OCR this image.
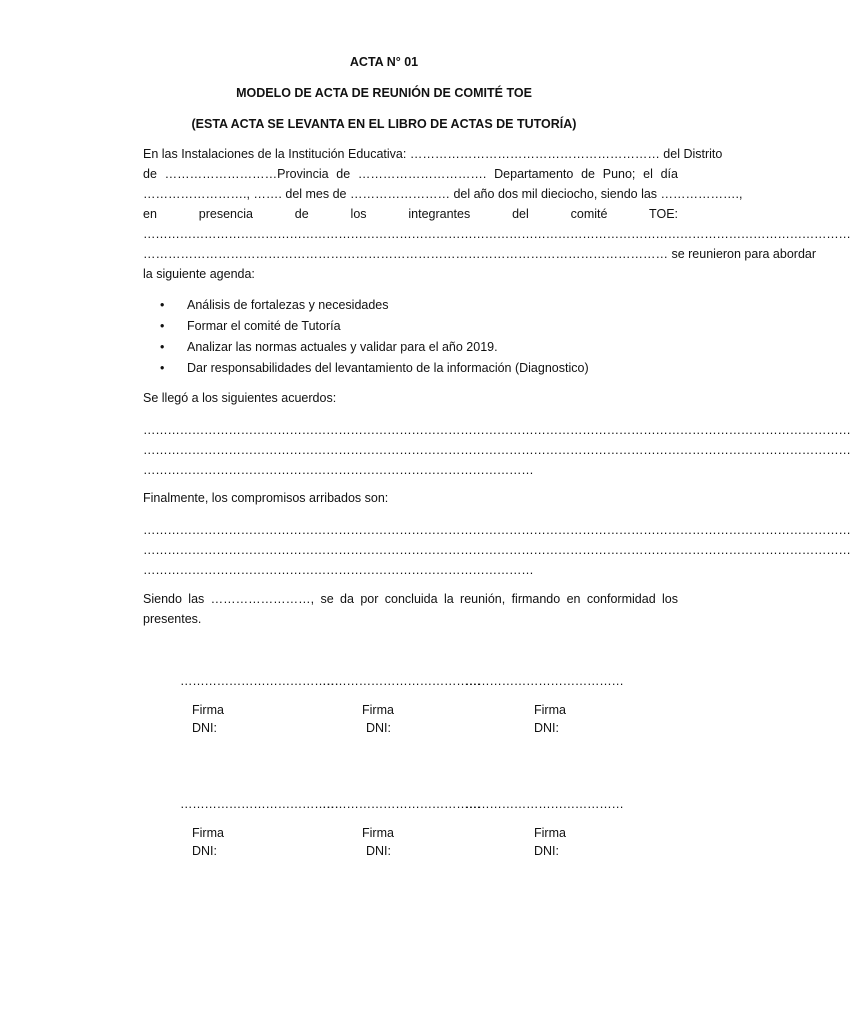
ACTA N° 01
MODELO DE ACTA DE REUNIÓN DE COMITÉ TOE
(ESTA ACTA SE LEVANTA EN EL LIBRO DE ACTAS DE TUTORÍA)
En las Instalaciones de la Institución Educativa: …………………………………………………… del Distrito
de ………………………Provincia de …………………………. Departamento de Puno; el día
……………………., ……. del mes de …………………… del año dos mil dieciocho, siendo las ……………….,
en presencia de los integrantes del comité TOE:
…………………………………………………………………………………………………………………………………………………………
……………………………………………………………………………………………………………… se reunieron para abordar
la siguiente agenda:
• Análisis de fortalezas y necesidades
• Formar el comité de Tutoría
• Analizar las normas actuales y validar para el año 2019.
• Dar responsabilidades del levantamiento de la información (Diagnostico)
Se llegó a los siguientes acuerdos:
…………………………………………………………………………………………………………………………………………………………
…………………………………………………………………………………………………………………………………………………………
……………………………………………………………………………………
Finalmente, los compromisos arribados son:
…………………………………………………………………………………………………………………………………………………………
…………………………………………………………………………………………………………………………………………………………
……………………………………………………………………………………
Siendo las ……………………, se da por concluida la reunión, firmando en conformidad los
presentes.
…………………………………
…………………………………
…………………………………
Firma
DNI:
Firma
DNI:
Firma
DNI:
…………………………………
…………………………………
…………………………………
Firma
DNI:
Firma
DNI:
Firma
DNI:
